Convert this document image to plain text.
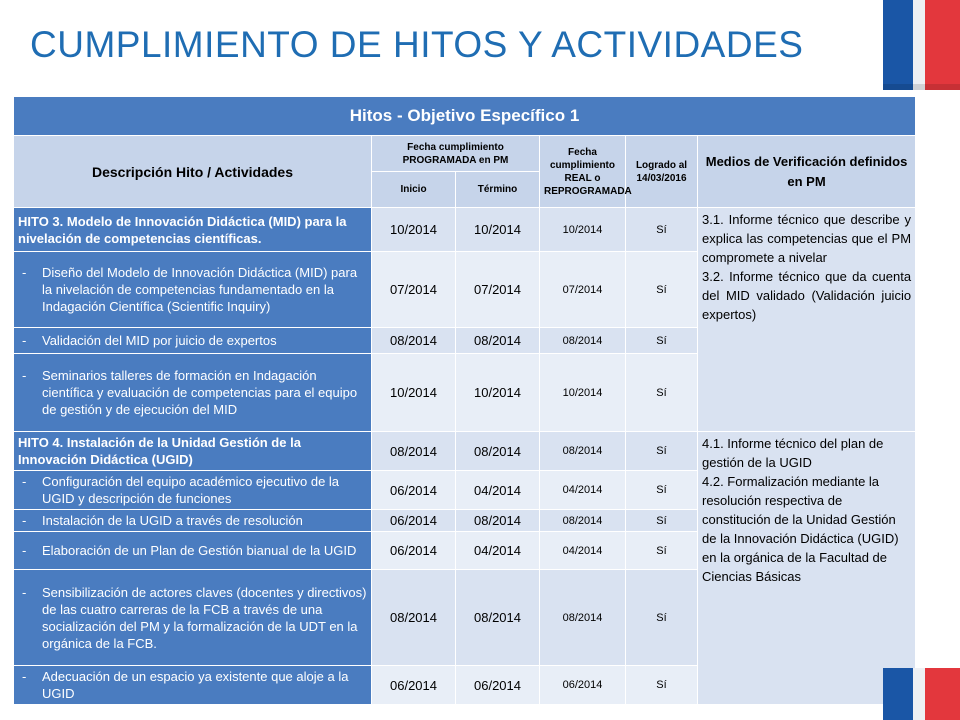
CUMPLIMIENTO DE HITOS Y ACTIVIDADES
Hitos - Objetivo Específico 1					
Descripción Hito / Actividades	Fecha cumplimiento PROGRAMADA en PM		Fecha cumplimiento REAL o REPROGRAMADA	Logrado al 14/03/2016	Medios de Verificación definidos en PM
	Inicio	Término			
HITO 3. Modelo de Innovación Didáctica (MID) para la nivelación de competencias científicas.	10/2014	10/2014	10/2014	Sí	3.1. Informe técnico que describe y explica las competencias que el PM compromete a nivelar

3.2. Informe técnico que da cuenta del MID validado (Validación juicio expertos)

- Diseño del Modelo de Innovación Didáctica (MID) para la nivelación de competencias fundamentado en la Indagación Científica (Scientific Inquiry)	07/2014	07/2014	07/2014	Sí	

- Validación del MID por juicio de expertos	08/2014	08/2014	08/2014	Sí	

- Seminarios talleres de formación en Indagación científica y evaluación de competencias para el equipo de gestión y de ejecución del MID	10/2014	10/2014	10/2014	Sí	
HITO 4. Instalación de la Unidad Gestión de la Innovación Didáctica (UGID)	08/2014	08/2014	08/2014	Sí	4.1. Informe técnico del plan de gestión de la UGID

4.2. Formalización mediante la resolución respectiva de constitución de la Unidad Gestión de la Innovación Didáctica (UGID) en la orgánica de la Facultad de Ciencias Básicas

- Configuración del equipo académico ejecutivo de la UGID y descripción de funciones	06/2014	04/2014	04/2014	Sí	

- Instalación de la UGID a través de resolución	06/2014	08/2014	08/2014	Sí	

- Elaboración de un Plan de Gestión bianual de la UGID	06/2014	04/2014	04/2014	Sí	

- Sensibilización de actores claves (docentes y directivos) de las cuatro carreras de la FCB a través de una socialización del PM y la formalización de la UDT en la orgánica de la FCB.	08/2014	08/2014	08/2014	Sí	

- Adecuación de un espacio ya existente que aloje a la UGID	06/2014	06/2014	06/2014	Sí	
